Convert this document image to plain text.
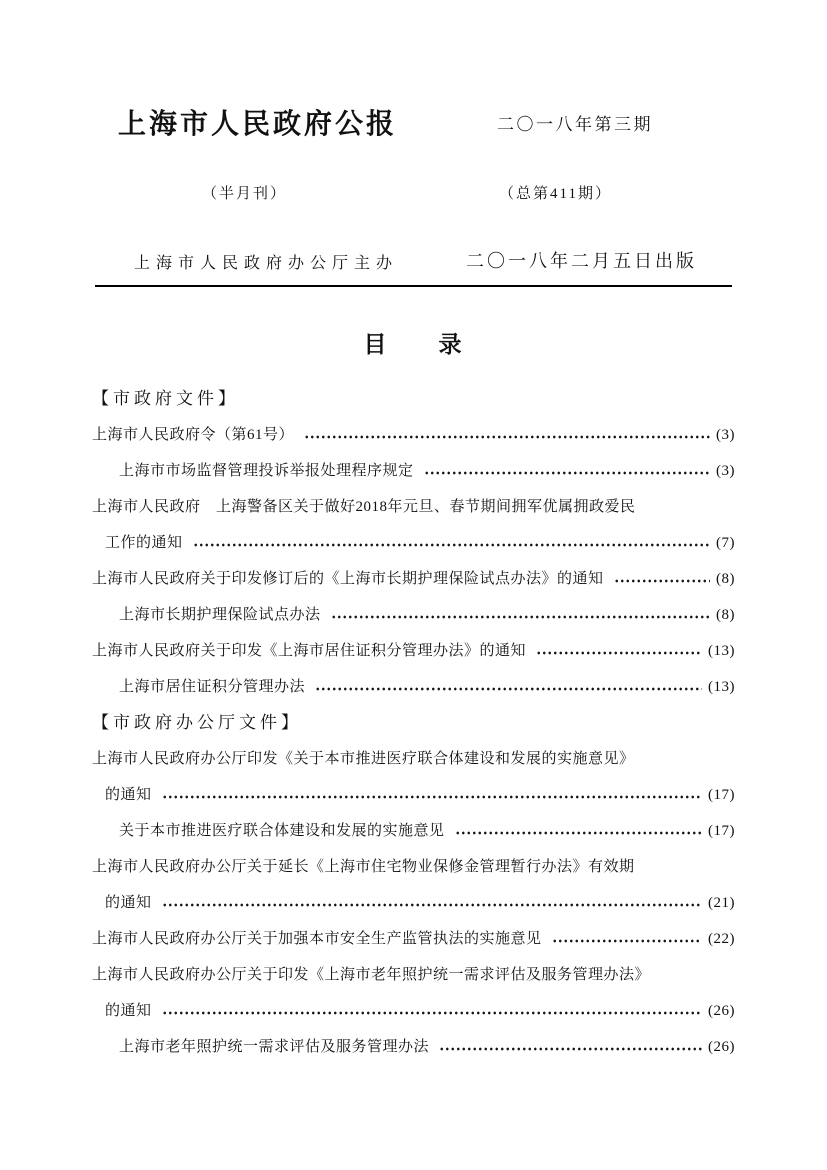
上海市人民政府公报	二〇一八年第三期
（半月刊）	（总第411期）
上海市人民政府办公厅主办	二〇一八年二月五日出版
目　　录
【市政府文件】
上海市人民政府令（第61号）	(3)
上海市市场监督管理投诉举报处理程序规定	(3)
上海市人民政府　上海警备区关于做好2018年元旦、春节期间拥军优属拥政爱民
工作的通知	(7)
上海市人民政府关于印发修订后的《上海市长期护理保险试点办法》的通知	(8)
上海市长期护理保险试点办法	(8)
上海市人民政府关于印发《上海市居住证积分管理办法》的通知	(13)
上海市居住证积分管理办法	(13)
【市政府办公厅文件】
上海市人民政府办公厅印发《关于本市推进医疗联合体建设和发展的实施意见》
的通知	(17)
关于本市推进医疗联合体建设和发展的实施意见	(17)
上海市人民政府办公厅关于延长《上海市住宅物业保修金管理暂行办法》有效期
的通知	(21)
上海市人民政府办公厅关于加强本市安全生产监管执法的实施意见	(22)
上海市人民政府办公厅关于印发《上海市老年照护统一需求评估及服务管理办法》
的通知	(26)
上海市老年照护统一需求评估及服务管理办法	(26)
